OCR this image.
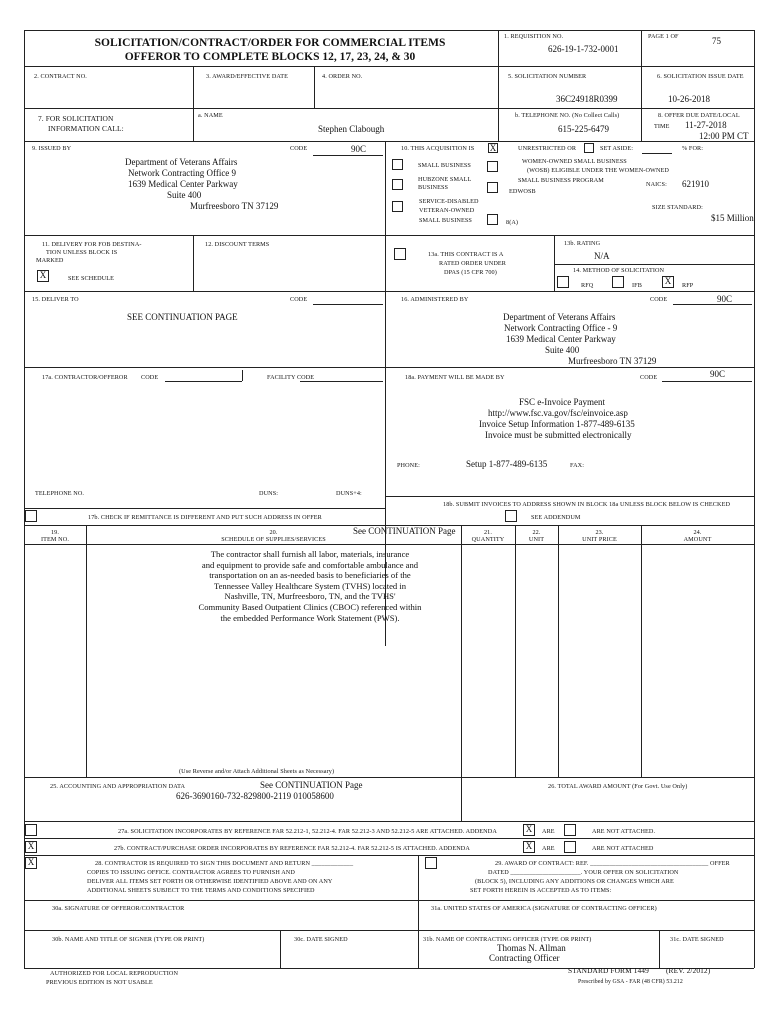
SOLICITATION/CONTRACT/ORDER FOR COMMERCIAL ITEMS
OFFEROR TO COMPLETE BLOCKS 12, 17, 23, 24, & 30
1. REQUISITION NO.
626-19-1-732-0001
PAGE 1 OF	75
2. CONTRACT NO.	3. AWARD/EFFECTIVE DATE	4. ORDER NO.	5. SOLICITATION NUMBER
36C24918R0399
6. SOLICITATION ISSUE DATE
10-26-2018
7. FOR SOLICITATION
INFORMATION CALL:
a. NAME
Stephen Clabough
b. TELEPHONE NO. (No Collect Calls)
615-225-6479
8. OFFER DUE DATE/LOCAL
TIME 11-27-2018
12:00 PM CT
9. ISSUED BY	CODE	90C
Department of Veterans Affairs
Network Contracting Office 9
1639 Medical Center Parkway
Suite 400
Murfreesboro TN 37129
10. THIS ACQUISITION IS X	UNRESTRICTED OR	SET ASIDE:	% FOR:
SMALL BUSINESS
WOMEN-OWNED SMALL BUSINESS
(WOSB) ELIGIBLE UNDER THE WOMEN-OWNED
SMALL BUSINESS PROGRAM
HUBZONE SMALL
BUSINESS
EDWOSB
NAICS: 621910
SERVICE-DISABLED
VETERAN-OWNED
SMALL BUSINESS	8(A)
SIZE STANDARD:
$15 Million
11. DELIVERY FOR FOB DESTINA-
TION UNLESS BLOCK IS
MARKED
X	SEE SCHEDULE
12. DISCOUNT TERMS
13a. THIS CONTRACT IS A
RATED ORDER UNDER
DPAS (15 CFR 700)
13b. RATING
N/A
14. METHOD OF SOLICITATION
RFQ	IFB	X	RFP
15. DELIVER TO	CODE
SEE CONTINUATION PAGE
16. ADMINISTERED BY	CODE	90C
Department of Veterans Affairs
Network Contracting Office - 9
1639 Medical Center Parkway
Suite 400
Murfreesboro TN 37129
17a. CONTRACTOR/OFFEROR CODE	FACILITY CODE
TELEPHONE NO.	DUNS:	DUNS+4:
17b. CHECK IF REMITTANCE IS DIFFERENT AND PUT SUCH ADDRESS IN OFFER
18a. PAYMENT WILL BE MADE BY	CODE	90C
FSC e-Invoice Payment
http://www.fsc.va.gov/fsc/einvoice.asp
Invoice Setup Information 1-877-489-6135
Invoice must be submitted electronically
PHONE:	Setup 1-877-489-6135	FAX:
18b. SUBMIT INVOICES TO ADDRESS SHOWN IN BLOCK 18a UNLESS BLOCK BELOW IS CHECKED
SEE ADDENDUM
19.
ITEM NO.
20.
SCHEDULE OF SUPPLIES/SERVICES
See CONTINUATION Page	21.
QUANTITY
22.
UNIT
23.
UNIT PRICE
24.
AMOUNT
The contractor shall furnish all labor, materials, insurance
and equipment to provide safe and comfortable ambulance and
transportation on an as-needed basis to beneficiaries of the
Tennessee Valley Healthcare System (TVHS) located in
Nashville, TN, Murfreesboro, TN, and the TVHS'
Community Based Outpatient Clinics (CBOC) referenced within
the embedded Performance Work Statement (PWS).
(Use Reverse and/or Attach Additional Sheets as Necessary)
25. ACCOUNTING AND APPROPRIATION DATA	See CONTINUATION Page
626-3690160-732-829800-2119 010058600
26. TOTAL AWARD AMOUNT (For Govt. Use Only)
27a. SOLICITATION INCORPORATES BY REFERENCE FAR 52.212-1, 52.212-4. FAR 52.212-3 AND 52.212-5 ARE ATTACHED. ADDENDA	X	ARE	ARE NOT ATTACHED.
X	27b. CONTRACT/PURCHASE ORDER INCORPORATES BY REFERENCE FAR 52.212-4. FAR 52.212-5 IS ATTACHED. ADDENDA	X	ARE	ARE NOT ATTACHED
X	28. CONTRACTOR IS REQUIRED TO SIGN THIS DOCUMENT AND RETURN _____________
COPIES TO ISSUING OFFICE. CONTRACTOR AGREES TO FURNISH AND
DELIVER ALL ITEMS SET FORTH OR OTHERWISE IDENTIFIED ABOVE AND ON ANY
ADDITIONAL SHEETS SUBJECT TO THE TERMS AND CONDITIONS SPECIFIED
29. AWARD OF CONTRACT: REF. _____________________________________ OFFER
DATED ______________________. YOUR OFFER ON SOLICITATION
(BLOCK 5), INCLUDING ANY ADDITIONS OR CHANGES WHICH ARE
SET FORTH HEREIN IS ACCEPTED AS TO ITEMS:
30a. SIGNATURE OF OFFEROR/CONTRACTOR	31a. UNITED STATES OF AMERICA (SIGNATURE OF CONTRACTING OFFICER)
30b. NAME AND TITLE OF SIGNER (TYPE OR PRINT)	30c. DATE SIGNED	31b. NAME OF CONTRACTING OFFICER (TYPE OR PRINT)	31c. DATE SIGNED
Thomas N. Allman
Contracting Officer
AUTHORIZED FOR LOCAL REPRODUCTION
PREVIOUS EDITION IS NOT USABLE
STANDARD FORM 1449 (REV. 2/2012)
Prescribed by GSA - FAR (48 CFR) 53.212
